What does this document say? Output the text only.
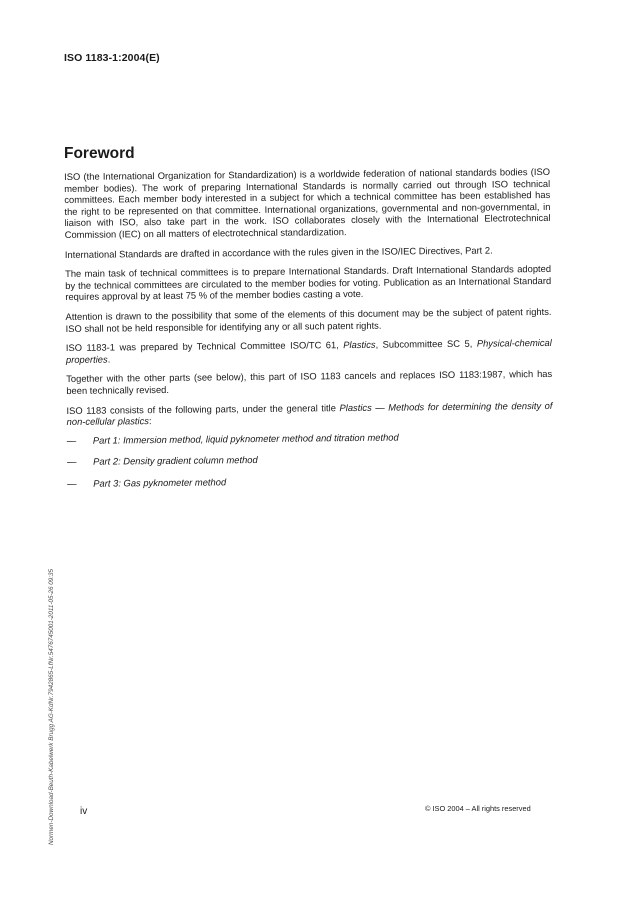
ISO 1183-1:2004(E)
Foreword

ISO (the International Organization for Standardization) is a worldwide federation of national standards bodies (ISO member bodies). The work of preparing International Standards is normally carried out through ISO technical committees. Each member body interested in a subject for which a technical committee has been established has the right to be represented on that committee. International organizations, governmental and non-governmental, in liaison with ISO, also take part in the work. ISO collaborates closely with the International Electrotechnical Commission (IEC) on all matters of electrotechnical standardization.

International Standards are drafted in accordance with the rules given in the ISO/IEC Directives, Part 2.

The main task of technical committees is to prepare International Standards. Draft International Standards adopted by the technical committees are circulated to the member bodies for voting. Publication as an International Standard requires approval by at least 75 % of the member bodies casting a vote.

Attention is drawn to the possibility that some of the elements of this document may be the subject of patent rights. ISO shall not be held responsible for identifying any or all such patent rights.

ISO 1183-1 was prepared by Technical Committee ISO/TC 61, Plastics, Subcommittee SC 5, Physical-chemical properties.

Together with the other parts (see below), this part of ISO 1183 cancels and replaces ISO 1183:1987, which has been technically revised.

ISO 1183 consists of the following parts, under the general title Plastics — Methods for determining the density of non-cellular plastics:

—	Part 1: Immersion method, liquid pyknometer method and titration method
—	Part 2: Density gradient column method
—	Part 3: Gas pyknometer method
Normen-Download-Beuth-Kabelwerk Brugg AG-KdNr.7942865-LfNr.5476745001-2011-05-26 09:35	iv	© ISO 2004 – All rights reserved
